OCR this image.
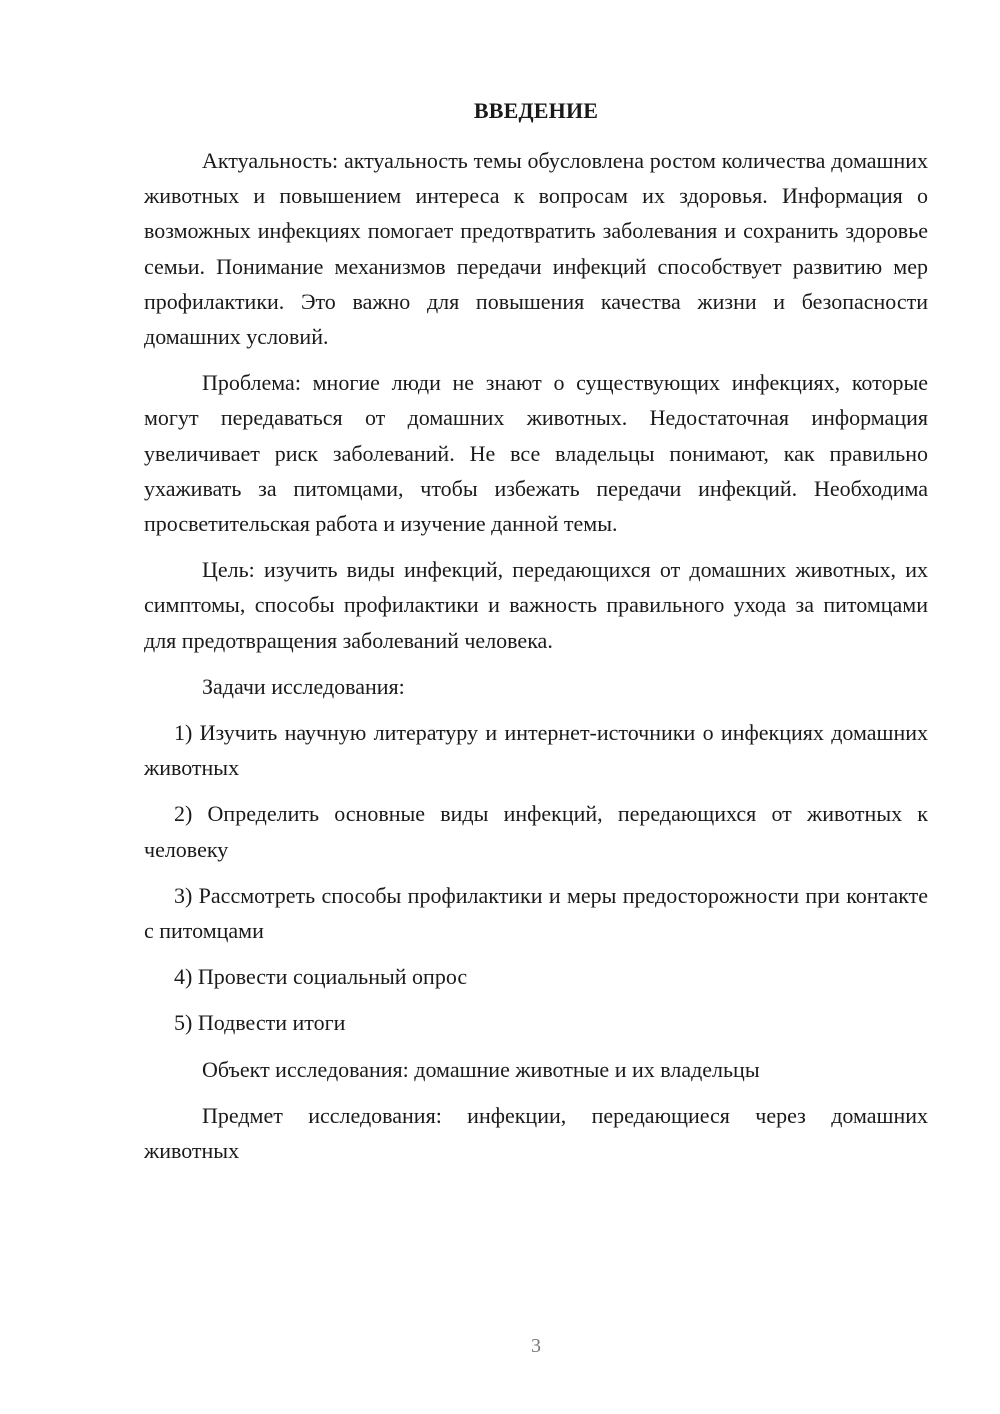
ВВЕДЕНИЕ

Актуальность: актуальность темы обусловлена ростом количества домашних животных и повышением интереса к вопросам их здоровья. Информация о возможных инфекциях помогает предотвратить заболевания и сохранить здоровье семьи. Понимание механизмов передачи инфекций способствует развитию мер профилактики. Это важно для повышения качества жизни и безопасности домашних условий.

Проблема: многие люди не знают о существующих инфекциях, которые могут передаваться от домашних животных. Недостаточная информация увеличивает риск заболеваний. Не все владельцы понимают, как правильно ухаживать за питомцами, чтобы избежать передачи инфекций. Необходима просветительская работа и изучение данной темы.

Цель: изучить виды инфекций, передающихся от домашних животных, их симптомы, способы профилактики и важность правильного ухода за питомцами для предотвращения заболеваний человека.

Задачи исследования:

1) Изучить научную литературу и интернет-источники о инфекциях домашних животных

2) Определить основные виды инфекций, передающихся от животных к человеку

3) Рассмотреть способы профилактики и меры предосторожности при контакте с питомцами

4) Провести социальный опрос

5) Подвести итоги

Объект исследования: домашние животные и их владельцы

Предмет исследования: инфекции, передающиеся через домашних животных

3
